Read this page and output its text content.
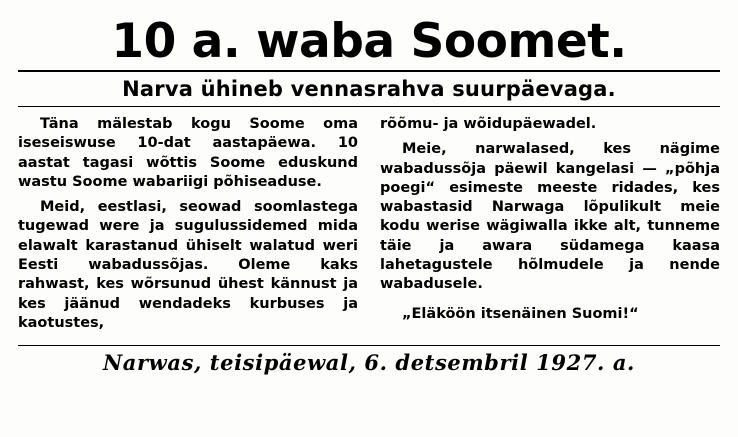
10 a. waba Soomet.
Narva ühineb vennasrahva suurpäevaga.

Täna mälestab kogu Soome oma iseseiswuse 10-dat aastapäewa. 10 aastat tagasi wõttis Soome eduskund wastu Soome wabariigi põhiseaduse.

Meid, eestlasi, seowad soomlastega tugewad were ja sugulussidemed mida elawalt karastanud ühiselt walatud weri Eesti wabadussõjas. Oleme kaks rahwast, kes wõrsunud ühest kännust ja kes jäänud wendadeks kurbuses ja kaotustes,

rõõmu- ja wõidupäewadel.

Meie, narwalased, kes nägime wabadussõja päewil kangelasi — „põhja poegi“ esimeste meeste ridades, kes wabastasid Narwaga lõpulikult meie kodu werise wägiwalla ikke alt, tunneme täie ja awara südamega kaasa lahetagustele hõlmudele ja nende wabadusele.

„Eläköön itsenäinen Suomi!“

Narwas, teisipäewal, 6. detsembril 1927. a.
